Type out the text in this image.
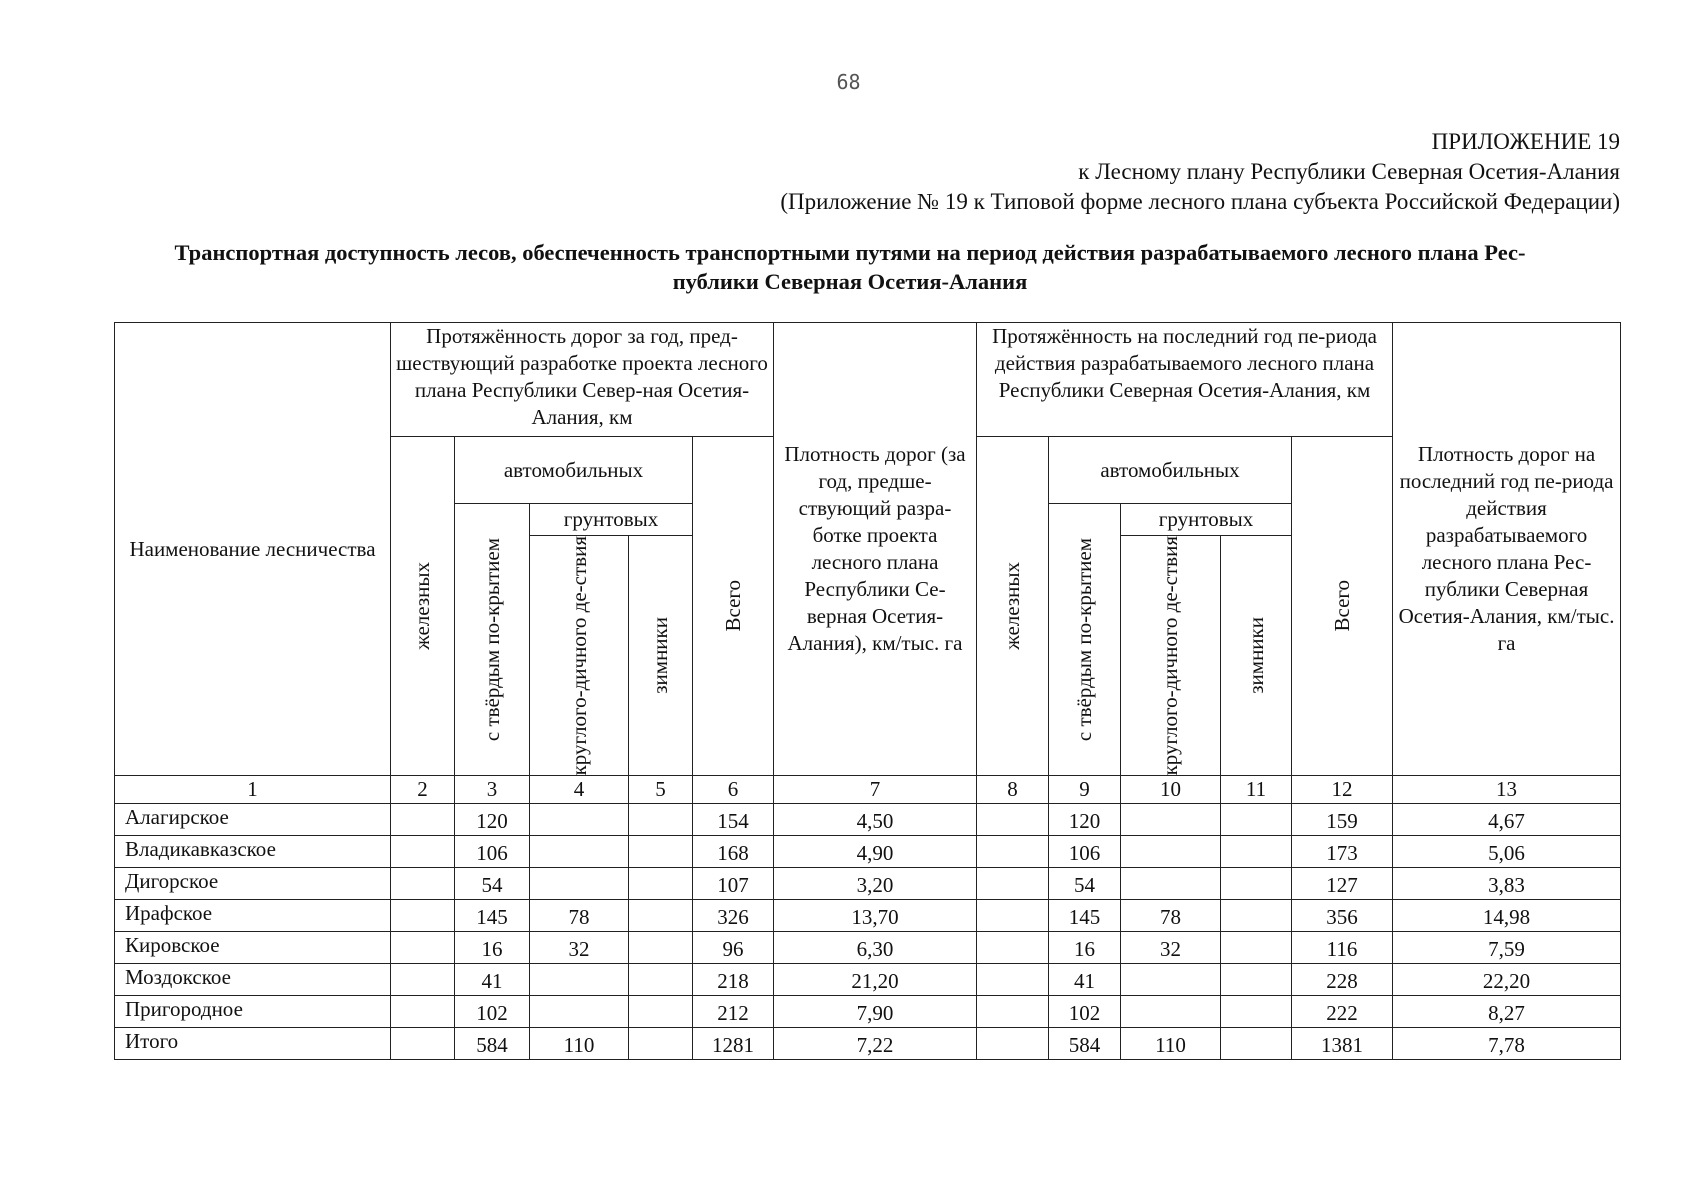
68
ПРИЛОЖЕНИЕ 19
к Лесному плану Республики Северная Осетия-Алания
(Приложение № 19 к Типовой форме лесного плана субъекта Российской Федерации)
Транспортная доступность лесов, обеспеченность транспортными путями на период действия разрабатываемого лесного плана Рес-
публики Северная Осетия-Алания
Наименование лесничества	Протяжённость дорог за год, пред-шествующий разработке проекта лесного плана Республики Север-ная Осетия-Алания, км					Плотность дорог (за год, предше-ствующий разра-ботке проекта лесного плана Республики Се-верная Осетия-Алания), км/тыс. га	Протяжённость на последний год пе-риода действия разрабатываемого лесного плана Республики Северная Осетия-Алания, км					Плотность дорог на последний год пе-риода действия разрабатываемого лесного плана Рес-публики Северная Осетия-Алания, км/тыс. га

	железных	автомобильных			Всего		железных	автомобильных			Всего	

		с твёрдым по-крытием	грунтовых					с твёрдым по-крытием	грунтовых			

			круглого-дичного де-ствия	зимники					круглого-дичного де-ствия	зимники		

1	2	3	4	5	6	7	8	9	10	11	12	13
Алагирское		120			154	4,50		120			159	4,67
Владикавказское		106			168	4,90		106			173	5,06
Дигорское		54			107	3,20		54			127	3,83
Ирафское		145	78		326	13,70		145	78		356	14,98
Кировское		16	32		96	6,30		16	32		116	7,59
Моздокское		41			218	21,20		41			228	22,20
Пригородное		102			212	7,90		102			222	8,27
Итого		584	110		1281	7,22		584	110		1381	7,78
